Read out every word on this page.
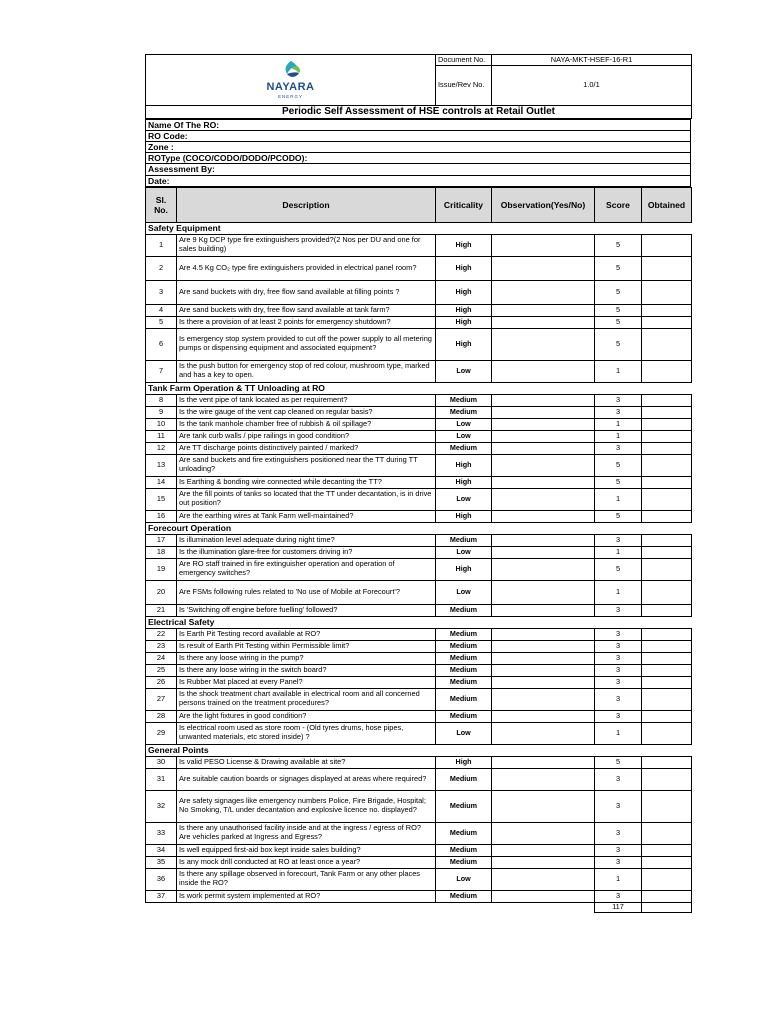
NAYARA
ENERGY	Document No.	NAYA-MKT-HSEF-16-R1
	Issue/Rev No.	1.0/1
Periodic Self Assessment of HSE controls at Retail Outlet		
Name Of The RO:
RO Code:
Zone :
ROType (COCO/CODO/DODO/PCODO):
Assessment By:
Date:
Sl. No.	Description	Criticality	Observation(Yes/No)	Score	Obtained
Safety Equipment					
1	Are 9 Kg DCP type fire extinguishers provided?(2 Nos per DU and one for sales building)	High		5	
2	Are 4.5 Kg CO₂ type fire extinguishers provided in electrical panel room?	High		5	
3	Are sand buckets with dry, free flow sand available at filling points ?	High		5	
4	Are sand buckets with dry, free flow sand available at tank farm?	High		5	
5	Is there a provision of at least 2 points for emergency shutdown?	High		5	
6	Is emergency stop system provided to cut off the power supply to all metering pumps or dispensing equipment and associated equipment?	High		5	
7	Is the push button for emergency stop of red colour, mushroom type, marked and has a key to open.	Low		1	
Tank Farm Operation & TT Unloading at RO					
8	Is the vent pipe of tank located as per requirement?	Medium		3	
9	Is the wire gauge of the vent cap cleaned on regular basis?	Medium		3	
10	Is the tank manhole chamber free of rubbish & oil spillage?	Low		1	
11	Are tank curb walls / pipe railings in good condition?	Low		1	
12	Are TT discharge points distinctively painted / marked?	Medium		3	
13	Are sand buckets and fire extinguishers positioned near the TT during TT unloading?	High		5	
14	Is Earthing & bonding wire connected while decanting the TT?	High		5	
15	Are the fill points of tanks so located that the TT under decantation, is in drive out position?	Low		1	
16	Are the earthing wires at Tank Farm well-maintained?	High		5	
Forecourt Operation					
17	Is illumination level adequate during night time?	Medium		3	
18	Is the illumination glare-free for customers driving in?	Low		1	
19	Are RO staff trained in fire extinguisher operation and operation of emergency switches?	High		5	
20	Are FSMs following rules related to 'No use of Mobile at Forecourt'?	Low		1	
21	Is 'Switching off engine before fuelling' followed?	Medium		3	
Electrical Safety					
22	Is Earth Pit Testing record available at RO?	Medium		3	
23	Is result of Earth Pit Testing within Permissible limit?	Medium		3	
24	Is there any loose wiring in the pump?	Medium		3	
25	Is there any loose wiring in the switch board?	Medium		3	
26	Is Rubber Mat placed at every Panel?	Medium		3	
27	Is the shock treatment chart available in electrical room and all concerned persons trained on the treatment procedures?	Medium		3	
28	Are the light fixtures in good condition?	Medium		3	
29	Is electrical room used as store room - (Old tyres drums, hose pipes, unwanted materials, etc stored inside) ?	Low		1	
General Points					
30	Is valid PESO License & Drawing available at site?	High		5	
31	Are suitable caution boards or signages displayed at areas where required?	Medium		3	
32	Are safety signages like emergency numbers Police, Fire Brigade, Hospital; No Smoking, T/L under decantation and explosive licence no. displayed?	Medium		3	
33	Is there any unauthorised facility inside and at the ingress / egress of RO? Are vehicles parked at Ingress and Egress?	Medium		3	
34	Is well equipped first-aid box kept inside sales building?	Medium		3	
35	Is any mock drill conducted at RO at least once a year?	Medium		3	
36	Is there any spillage observed in forecourt, Tank Farm or any other places inside the RO?	Low		1	
37	Is work permit system implemented at RO?	Medium		3	
				117	
